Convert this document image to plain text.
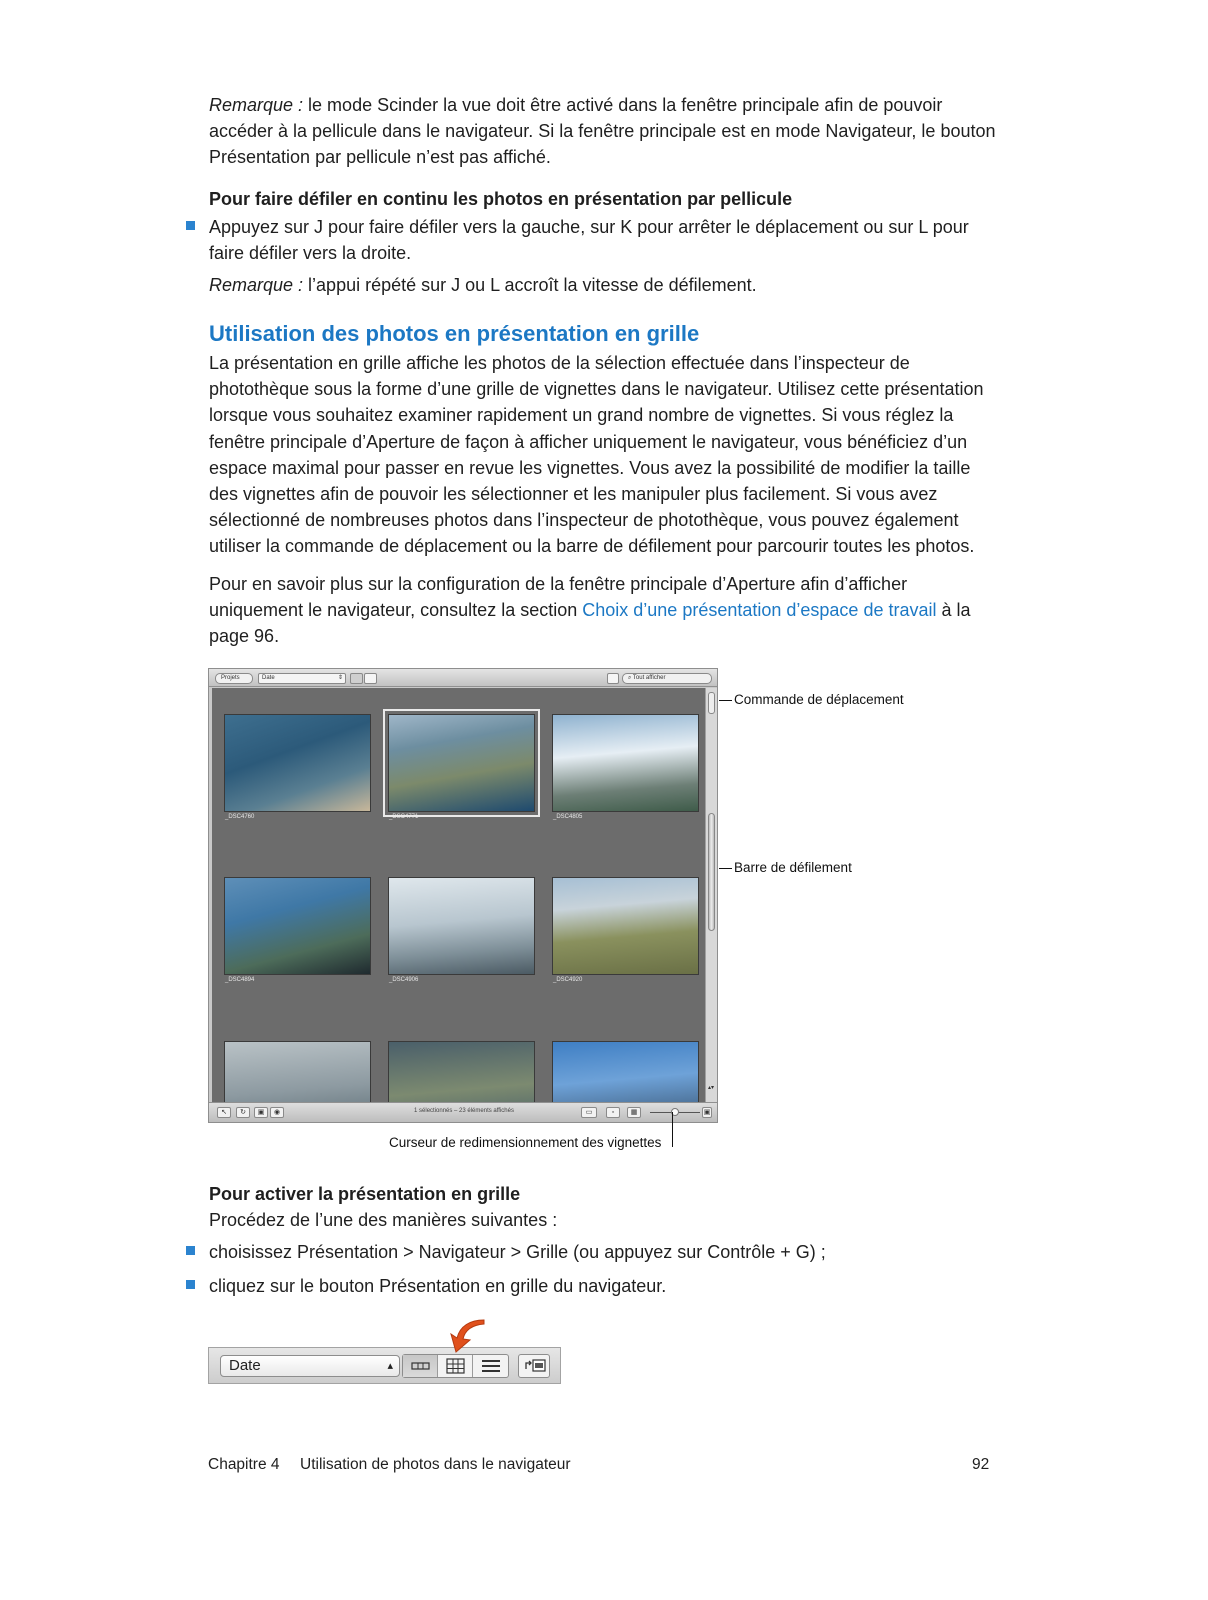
Remarque : le mode Scinder la vue doit être activé dans la fenêtre principale afin de pouvoir accéder à la pellicule dans le navigateur. Si la fenêtre principale est en mode Navigateur, le bouton Présentation par pellicule n’est pas affiché.

Pour faire défiler en continu les photos en présentation par pellicule

Appuyez sur J pour faire défiler vers la gauche, sur K pour arrêter le déplacement ou sur L pour faire défiler vers la droite.

Remarque : l’appui répété sur J ou L accroît la vitesse de défilement.

Utilisation des photos en présentation en grille

La présentation en grille affiche les photos de la sélection effectuée dans l’inspecteur de photothèque sous la forme d’une grille de vignettes dans le navigateur. Utilisez cette présentation lorsque vous souhaitez examiner rapidement un grand nombre de vignettes. Si vous réglez la fenêtre principale d’Aperture de façon à afficher uniquement le navigateur, vous bénéficiez d’un espace maximal pour passer en revue les vignettes. Vous avez la possibilité de modifier la taille des vignettes afin de pouvoir les sélectionner et les manipuler plus facilement. Si vous avez sélectionné de nombreuses photos dans l’inspecteur de photothèque, vous pouvez également utiliser la commande de déplacement ou la barre de défilement pour parcourir toutes les photos.

Pour en savoir plus sur la configuration de la fenêtre principale d’Aperture afin d’afficher uniquement le navigateur, consultez la section Choix d’une présentation d’espace de travail à la page 96.

Projets	Date	⇕	⌕ Tout afficher
_DSC4760	_DSC4771	_DSC4805
_DSC4894	_DSC4906	_DSC4920
▴▾
↖	↻	▣	◉	1 sélectionnés – 23 éléments affichés	▭	▫	▦	▣
Commande de déplacement
Barre de défilement
Curseur de redimensionnement des vignettes

Pour activer la présentation en grille

Procédez de l’une des manières suivantes :

choisissez Présentation > Navigateur > Grille (ou appuyez sur Contrôle + G) ;

cliquez sur le bouton Présentation en grille du navigateur.

Date	▴

Chapitre 4 Utilisation de photos dans le navigateur	92
